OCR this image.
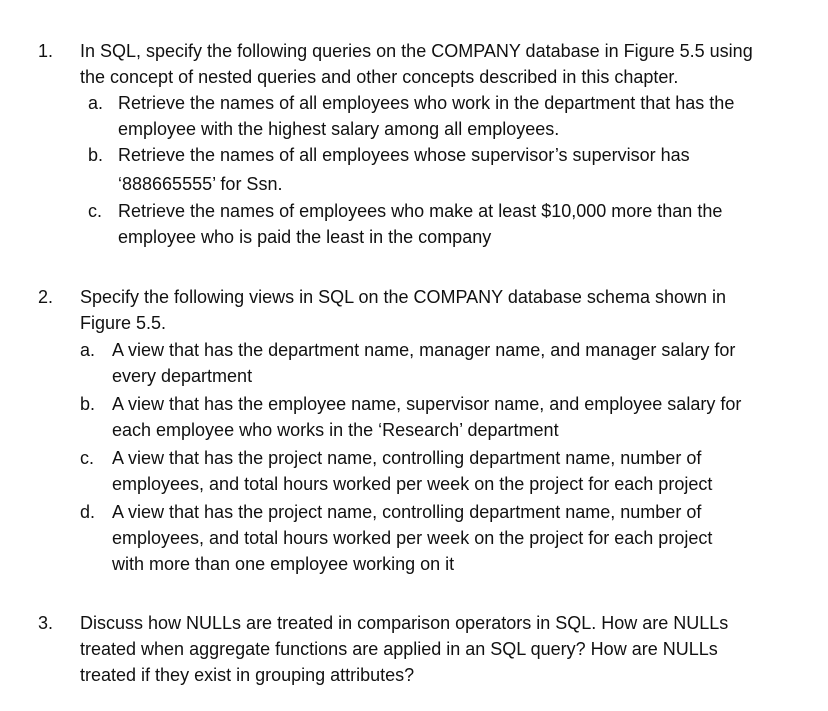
1.	In SQL, specify the following queries on the COMPANY database in Figure 5.5 using
the concept of nested queries and other concepts described in this chapter.
a. Retrieve the names of all employees who work in the department that has the
employee with the highest salary among all employees.
b. Retrieve the names of all employees whose supervisor’s supervisor has
‘888665555’ for Ssn.
c. Retrieve the names of employees who make at least $10,000 more than the
employee who is paid the least in the company
2.	Specify the following views in SQL on the COMPANY database schema shown in
Figure 5.5.
a. A view that has the department name, manager name, and manager salary for
every department
b. A view that has the employee name, supervisor name, and employee salary for
each employee who works in the ‘Research’ department
c. A view that has the project name, controlling department name, number of
employees, and total hours worked per week on the project for each project
d. A view that has the project name, controlling department name, number of
employees, and total hours worked per week on the project for each project
with more than one employee working on it
3.	Discuss how NULLs are treated in comparison operators in SQL. How are NULLs
treated when aggregate functions are applied in an SQL query? How are NULLs
treated if they exist in grouping attributes?
